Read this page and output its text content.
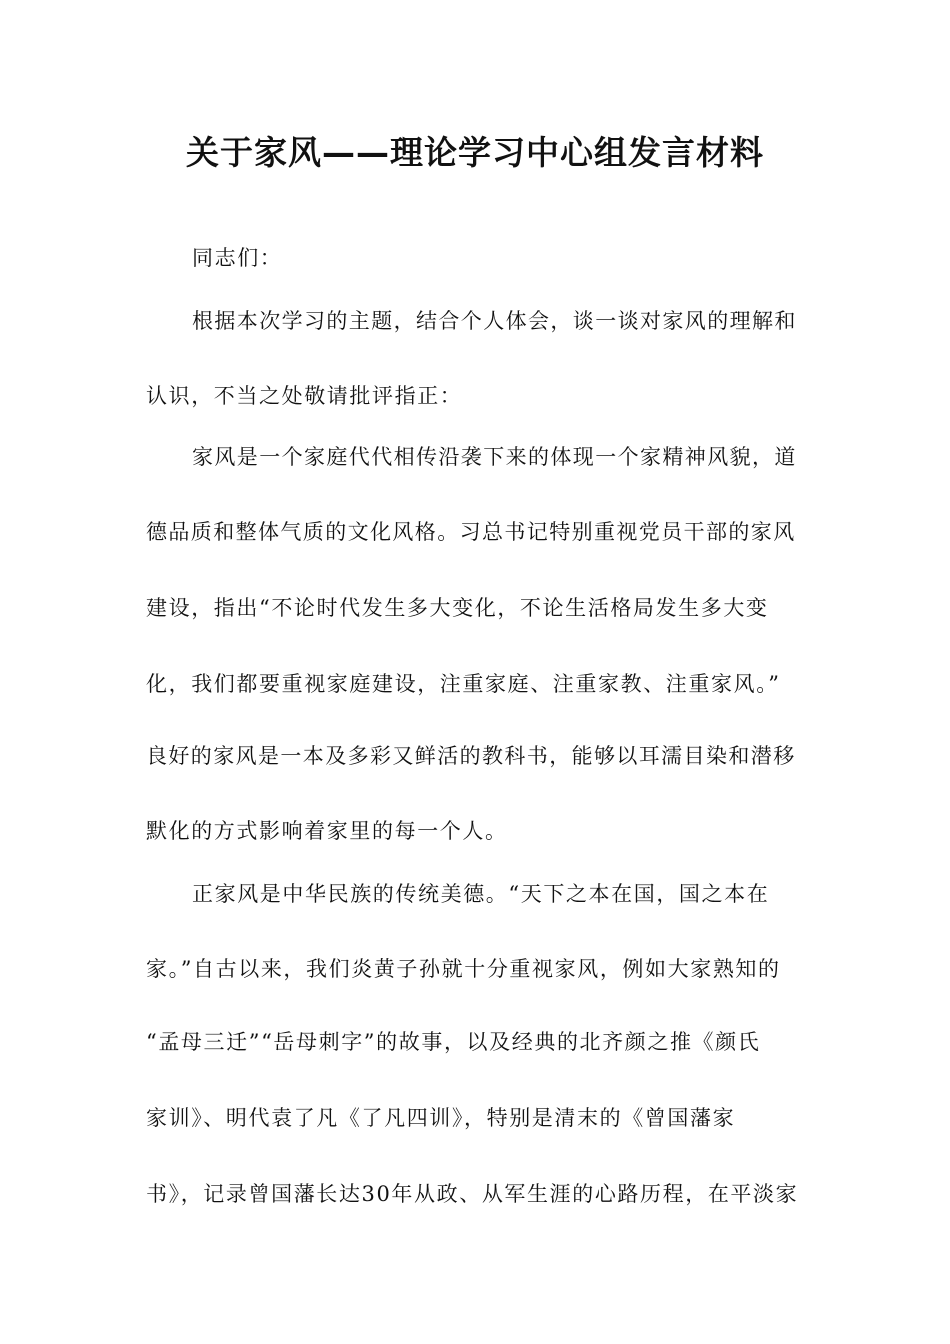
关于家风——理论学习中心组发言材料
同志们：
根据本次学习的主题，结合个人体会，谈一谈对家风的理解和
认识，不当之处敬请批评指正：
家风是一个家庭代代相传沿袭下来的体现一个家精神风貌，道
德品质和整体气质的文化风格。习总书记特别重视党员干部的家风
建设，指出“不论时代发生多大变化，不论生活格局发生多大变
化，我们都要重视家庭建设，注重家庭、注重家教、注重家风。”
良好的家风是一本及多彩又鲜活的教科书，能够以耳濡目染和潜移
默化的方式影响着家里的每一个人。
正家风是中华民族的传统美德。“天下之本在国，国之本在
家。”自古以来，我们炎黄子孙就十分重视家风，例如大家熟知的
“孟母三迁”“岳母刺字”的故事，以及经典的北齐颜之推《颜氏
家训》、明代袁了凡《了凡四训》，特别是清末的《曾国藩家
书》，记录曾国藩长达30年从政、从军生涯的心路历程，在平淡家
